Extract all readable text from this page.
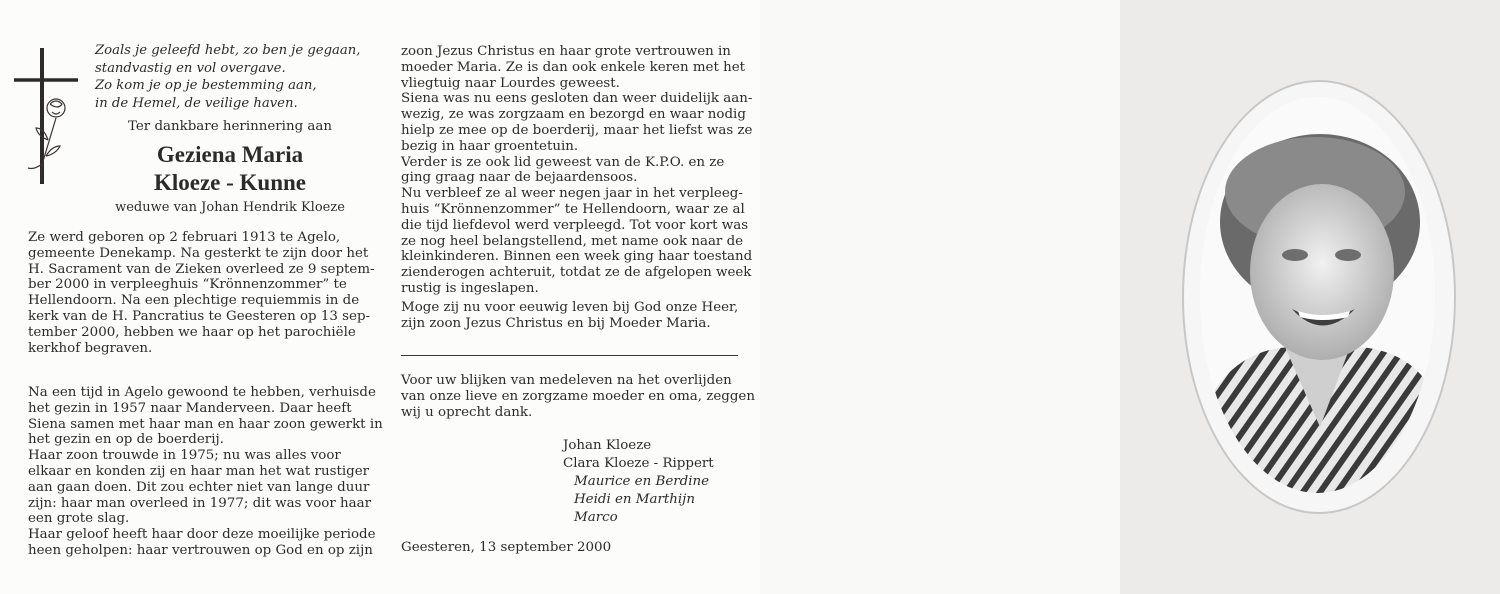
Zoals je geleefd hebt, zo ben je gegaan,
standvastig en vol overgave.
Zo kom je op je bestemming aan,
in de Hemel, de veilige haven.
Ter dankbare herinnering aan
Geziena Maria
Kloeze - Kunne
weduwe van Johan Hendrik Kloeze
Ze werd geboren op 2 februari 1913 te Agelo,
gemeente Denekamp. Na gesterkt te zijn door het
H. Sacrament van de Zieken overleed ze 9 septem-
ber 2000 in verpleeghuis “Krönnenzommer” te
Hellendoorn. Na een plechtige requiemmis in de
kerk van de H. Pancratius te Geesteren op 13 sep-
tember 2000, hebben we haar op het parochiële
kerkhof begraven.
Na een tijd in Agelo gewoond te hebben, verhuisde
het gezin in 1957 naar Manderveen. Daar heeft
Siena samen met haar man en haar zoon gewerkt in
het gezin en op de boerderij.
Haar zoon trouwde in 1975; nu was alles voor
elkaar en konden zij en haar man het wat rustiger
aan gaan doen. Dit zou echter niet van lange duur
zijn: haar man overleed in 1977; dit was voor haar
een grote slag.
Haar geloof heeft haar door deze moeilijke periode
heen geholpen: haar vertrouwen op God en op zijn
zoon Jezus Christus en haar grote vertrouwen in
moeder Maria. Ze is dan ook enkele keren met het
vliegtuig naar Lourdes geweest.
Siena was nu eens gesloten dan weer duidelijk aan-
wezig, ze was zorgzaam en bezorgd en waar nodig
hielp ze mee op de boerderij, maar het liefst was ze
bezig in haar groentetuin.
Verder is ze ook lid geweest van de K.P.O. en ze
ging graag naar de bejaardensoos.
Nu verbleef ze al weer negen jaar in het verpleeg-
huis “Krönnenzommer” te Hellendoorn, waar ze al
die tijd liefdevol werd verpleegd. Tot voor kort was
ze nog heel belangstellend, met name ook naar de
kleinkinderen. Binnen een week ging haar toestand
zienderogen achteruit, totdat ze de afgelopen week
rustig is ingeslapen.
Moge zij nu voor eeuwig leven bij God onze Heer,
zijn zoon Jezus Christus en bij Moeder Maria.
Voor uw blijken van medeleven na het overlijden
van onze lieve en zorgzame moeder en oma, zeggen
wij u oprecht dank.
Johan Kloeze
Clara Kloeze - Rippert
Maurice en Berdine
Heidi en Marthijn
Marco
Geesteren, 13 september 2000
